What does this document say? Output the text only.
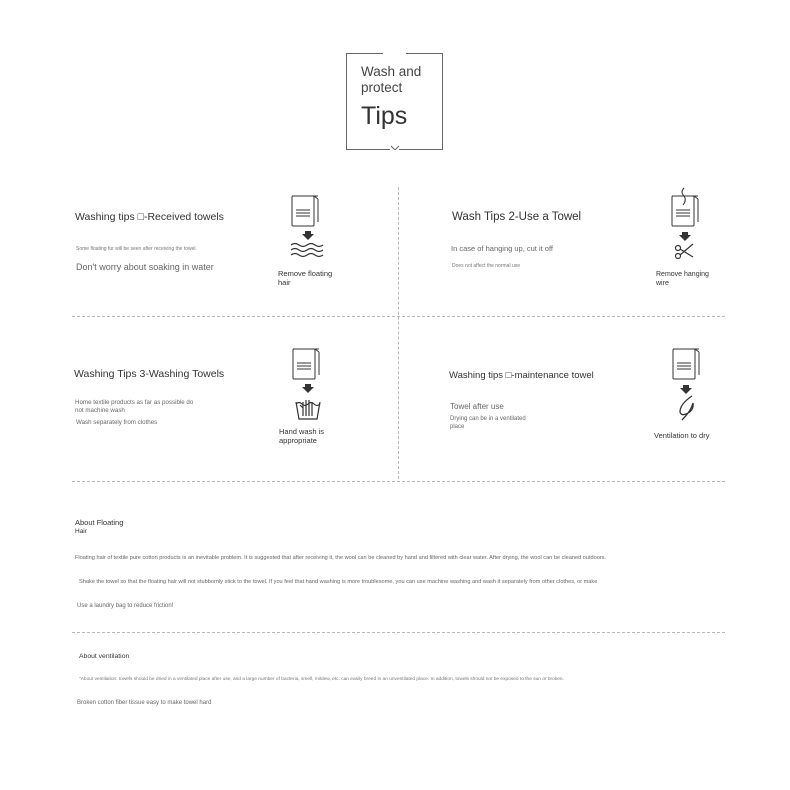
Wash and
protect
Tips
Washing tips □-Received towels
Some floating fur will be seen after receiving the towel.
Don't worry about soaking in water
Remove floating
hair
Wash Tips 2-Use a Towel
In case of hanging up, cut it off
Does not affect the normal use
Remove hanging
wire
Washing Tips 3-Washing Towels
Home textile products as far as possible do
not machine wash
Wash separately from clothes
Hand wash is
appropriate
Washing tips □-maintenance towel
Towel after use
Drying can be in a ventilated
place
Ventilation to dry
About Floating
Hair
Floating hair of textile pure cotton products is an inevitable problem. It is suggested that after receiving it, the wool can be cleaned by hand and filtered with clear water. After drying, the wool can be cleaned outdoors.
Shake the towel so that the floating hair will not stubbornly stick to the towel. If you feel that hand washing is more troublesome, you can use machine washing and wash it separately from other clothes, or make
Use a laundry bag to reduce friction!
About ventilation
"About ventilation: towels should be dried in a ventilated place after use, and a large number of bacteria, smell, mildew, etc. can easily breed in an unventilated place. In addition, towels should not be exposed to the sun or broken.
Broken cotton fiber tissue easy to make towel hard
